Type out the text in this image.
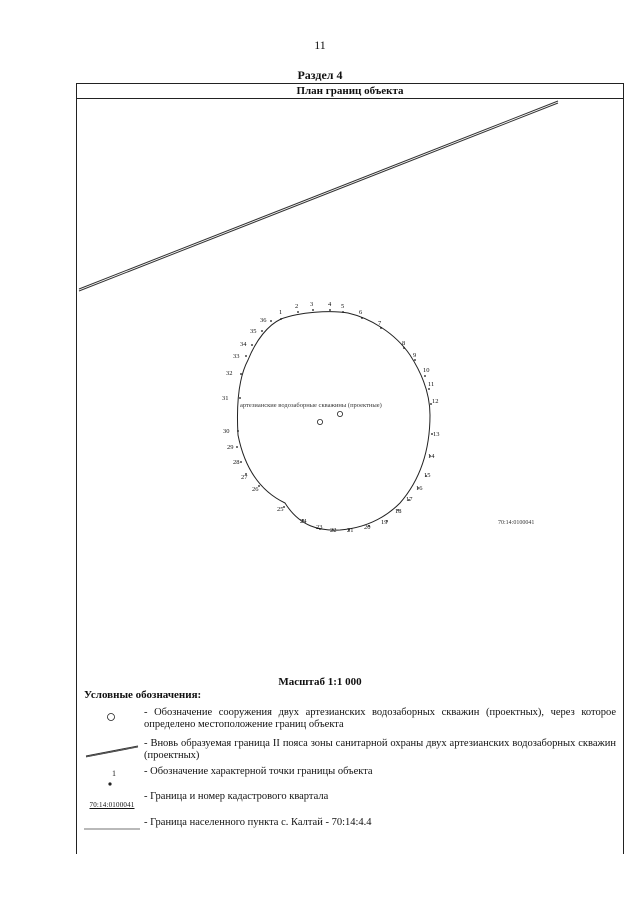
11
Раздел 4
План границ объекта
1
2 3 4 5
6
7
8
9
10
11
12
13
14
15
16
17
18
19
20
21
22
23
24
25
26
27
28
29
30
31
32
33
34
35
36
артезианские водозаборные скважины (проектные)
70:14:0100041
Масштаб 1:1 000
Условные обозначения:
- Обозначение сооружения двух артезианских водозаборных скважин (проектных), через которое определено местоположение границ объекта
- Вновь образуемая граница II пояса зоны санитарной охраны двух артезианских водозаборных скважин (проектных)
1	- Обозначение характерной точки границы объекта
70:14:0100041
- Граница и номер кадастрового квартала
- Граница населенного пункта с. Калтай - 70:14:4.4
